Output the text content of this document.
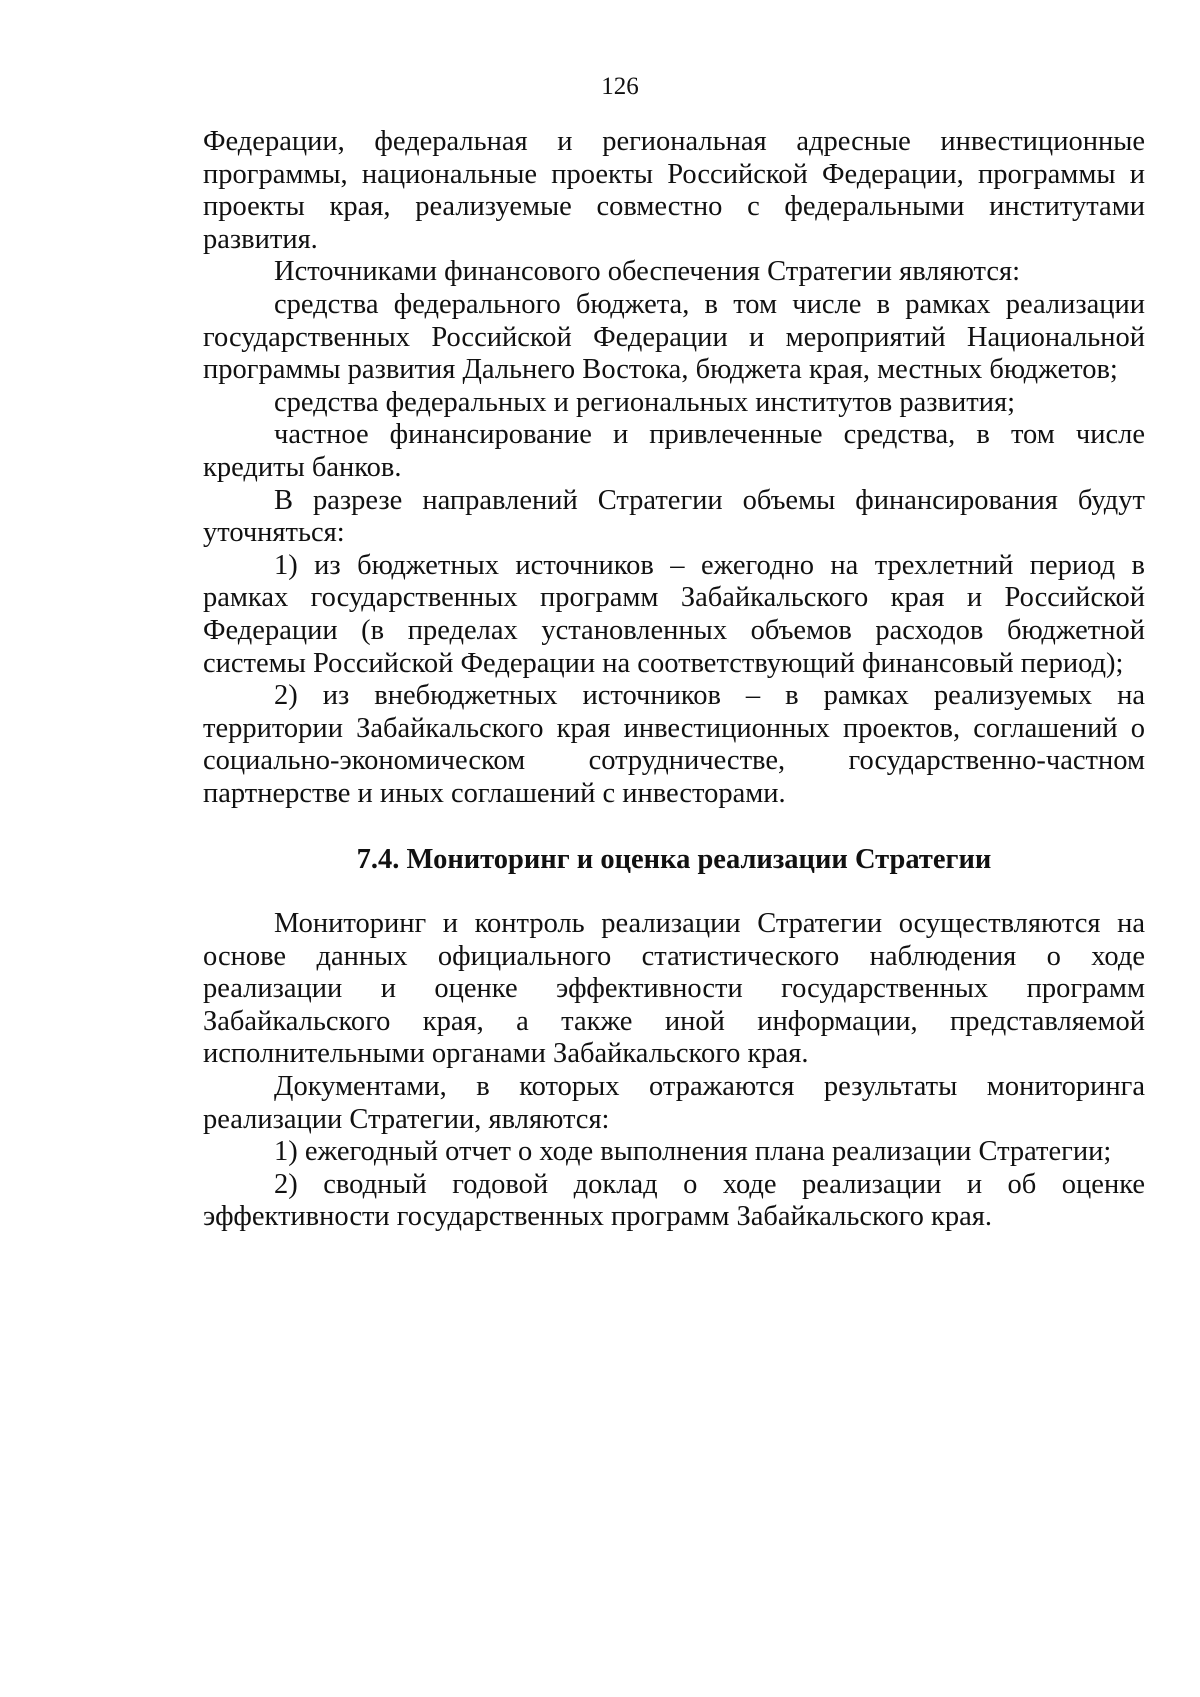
126

Федерации, федеральная и региональная адресные инвестиционные программы, национальные проекты Российской Федерации, программы и проекты края, реализуемые совместно с федеральными институтами развития.

Источниками финансового обеспечения Стратегии являются:

средства федерального бюджета, в том числе в рамках реализации государственных Российской Федерации и мероприятий Национальной программы развития Дальнего Востока, бюджета края, местных бюджетов;

средства федеральных и региональных институтов развития;

частное финансирование и привлеченные средства, в том числе кредиты банков.

В разрезе направлений Стратегии объемы финансирования будут уточняться:

1) из бюджетных источников – ежегодно на трехлетний период в рамках государственных программ Забайкальского края и Российской Федерации (в пределах установленных объемов расходов бюджетной системы Российской Федерации на соответствующий финансовый период);

2) из внебюджетных источников – в рамках реализуемых на территории Забайкальского края инвестиционных проектов, соглашений о социально-экономическом сотрудничестве, государственно-частном партнерстве и иных соглашений с инвесторами.

7.4. Мониторинг и оценка реализации Стратегии

Мониторинг и контроль реализации Стратегии осуществляются на основе данных официального статистического наблюдения о ходе реализации и оценке эффективности государственных программ Забайкальского края, а также иной информации, представляемой исполнительными органами Забайкальского края.

Документами, в которых отражаются результаты мониторинга реализации Стратегии, являются:

1) ежегодный отчет о ходе выполнения плана реализации Стратегии;

2) сводный годовой доклад о ходе реализации и об оценке эффективности государственных программ Забайкальского края.
